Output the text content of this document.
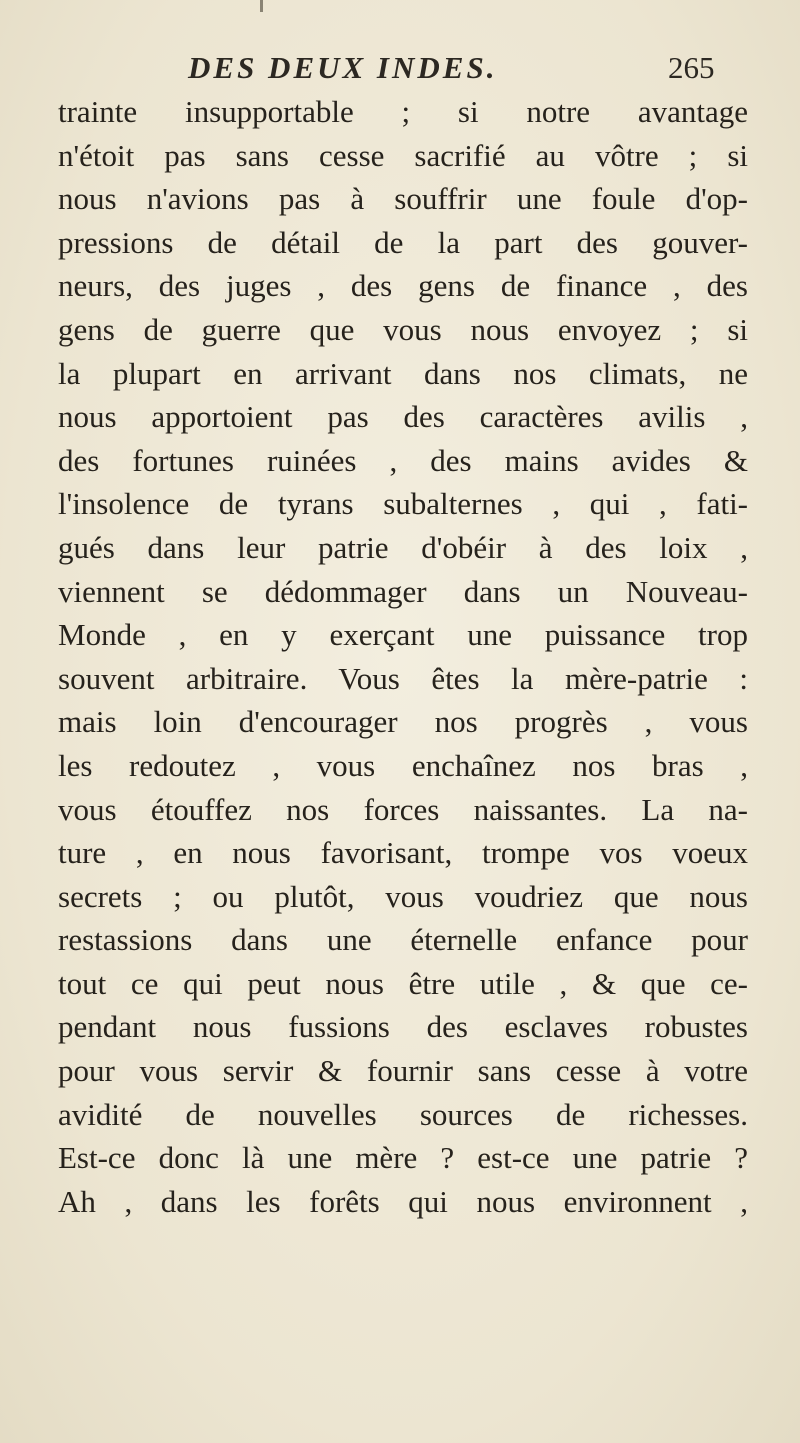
DES DEUX INDES.	265
trainte insupportable ; si notre avantage
n'étoit pas sans cesse sacrifié au vôtre ; si
nous n'avions pas à souffrir une foule d'op-
pressions de détail de la part des gouver-
neurs, des juges , des gens de finance , des
gens de guerre que vous nous envoyez ; si
la plupart en arrivant dans nos climats, ne
nous apportoient pas des caractères avilis ,
des fortunes ruinées , des mains avides &
l'insolence de tyrans subalternes , qui , fati-
gués dans leur patrie d'obéir à des loix ,
viennent se dédommager dans un Nouveau-
Monde , en y exerçant une puissance trop
souvent arbitraire. Vous êtes la mère-patrie :
mais loin d'encourager nos progrès , vous
les redoutez , vous enchaînez nos bras ,
vous étouffez nos forces naissantes. La na-
ture , en nous favorisant, trompe vos voeux
secrets ; ou plutôt, vous voudriez que nous
restassions dans une éternelle enfance pour
tout ce qui peut nous être utile , & que ce-
pendant nous fussions des esclaves robustes
pour vous servir & fournir sans cesse à votre
avidité de nouvelles sources de richesses.
Est-ce donc là une mère ? est-ce une patrie ?
Ah , dans les forêts qui nous environnent ,
